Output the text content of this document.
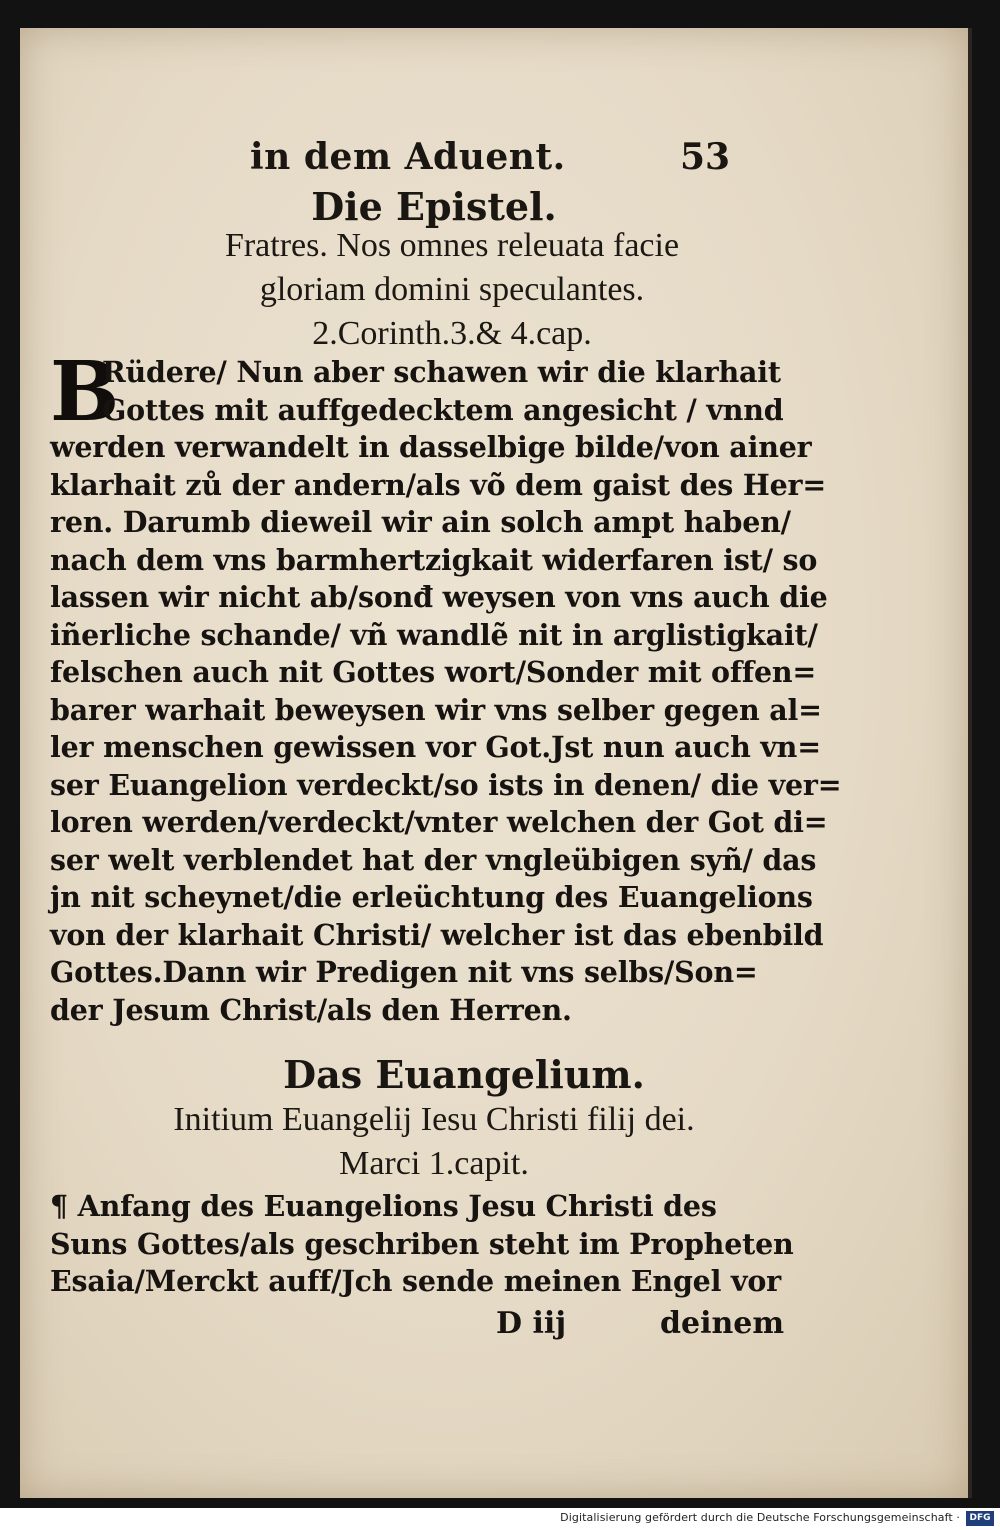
in dem Aduent.	53
Die Epistel.
Fratres. Nos omnes releuata facie
gloriam domini speculantes.
2.Corinth.3.& 4.cap.
B
Rüdere/ Nun aber schawen wir die klarhait
Gottes mit auffgedecktem angesicht / vnnd
werden verwandelt in dasselbige bilde/von ainer
klarhait zů der andern/als võ dem gaist des Her=
ren. Darumb dieweil wir ain solch ampt haben/
nach dem vns barmhertzigkait widerfaren ist/ so
lassen wir nicht ab/sonđ weysen von vns auch die
iñerliche schande/ vñ wandlẽ nit in arglistigkait/
felschen auch nit Gottes wort/Sonder mit offen=
barer warhait beweysen wir vns selber gegen al=
ler menschen gewissen vor Got.Jst nun auch vn=
ser Euangelion verdeckt/so ists in denen/ die ver=
loren werden/verdeckt/vnter welchen der Got di=
ser welt verblendet hat der vngleübigen syñ/ das
jn nit scheynet/die erleüchtung des Euangelions
von der klarhait Christi/ welcher ist das ebenbild
Gottes.Dann wir Predigen nit vns selbs/Son=
der Jesum Christ/als den Herren.
Das Euangelium.
Initium Euangelij Iesu Christi filij dei.
Marci 1.capit.
¶ Anfang des Euangelions Jesu Christi des
Suns Gottes/als geschriben steht im Propheten
Esaia/Merckt auff/Jch sende meinen Engel vor
D iij	deinem
Digitalisierung gefördert durch die Deutsche Forschungsgemeinschaft ·	DFG
